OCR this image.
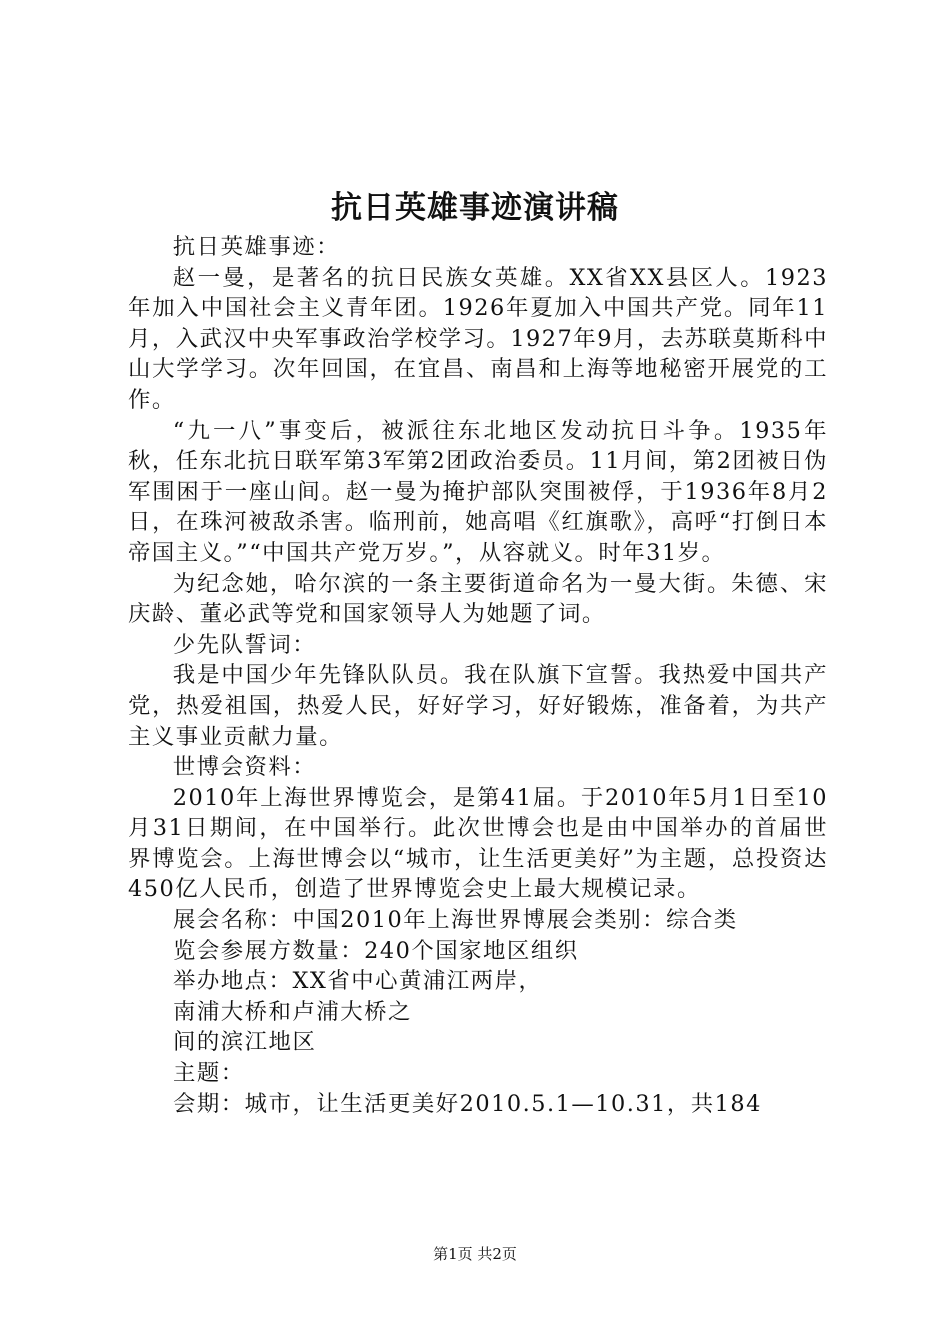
抗日英雄事迹演讲稿

抗日英雄事迹：

赵一曼，是著名的抗日民族女英雄。XX省XX县区人。1923年加入中国社会主义青年团。1926年夏加入中国共产党。同年11月，入武汉中央军事政治学校学习。1927年9月，去苏联莫斯科中山大学学习。次年回国，在宜昌、南昌和上海等地秘密开展党的工作。

“九一八”事变后，被派往东北地区发动抗日斗争。1935年秋，任东北抗日联军第3军第2团政治委员。11月间，第2团被日伪军围困于一座山间。赵一曼为掩护部队突围被俘，于1936年8月2日，在珠河被敌杀害。临刑前，她高唱《红旗歌》，高呼“打倒日本帝国主义。”“中国共产党万岁。”，从容就义。时年31岁。

为纪念她，哈尔滨的一条主要街道命名为一曼大街。朱德、宋庆龄、董必武等党和国家领导人为她题了词。

少先队誓词：

我是中国少年先锋队队员。我在队旗下宣誓。我热爱中国共产党，热爱祖国，热爱人民，好好学习，好好锻炼，准备着，为共产主义事业贡献力量。

世博会资料：

2010年上海世界博览会，是第41届。于2010年5月1日至10月31日期间，在中国举行。此次世博会也是由中国举办的首届世界博览会。上海世博会以“城市，让生活更美好”为主题，总投资达450亿人民币，创造了世界博览会史上最大规模记录。

展会名称：中国2010年上海世界博展会类别：综合类
览会参展方数量：240个国家地区组织
举办地点：XX省中心黄浦江两岸，
南浦大桥和卢浦大桥之
间的滨江地区
主题：
会期：城市，让生活更美好2010.5.1—10.31，共184
第1页 共2页
